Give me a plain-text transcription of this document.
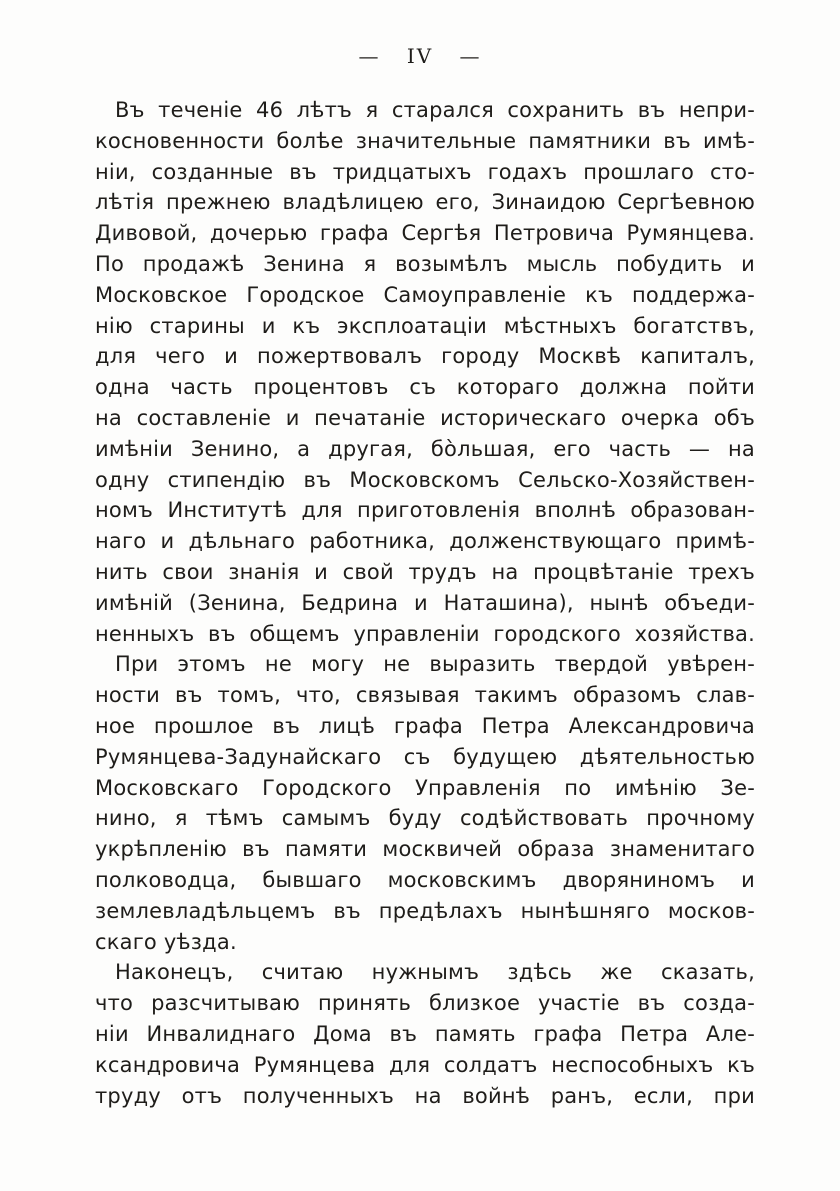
— IV —
Въ теченіе 46 лѣтъ я старался сохранить въ непри-
косновенности болѣе значительные памятники въ имѣ-
ніи, созданные въ тридцатыхъ годахъ прошлаго сто-
лѣтія прежнею владѣлицею его, Зинаидою Сергѣевною
Дивовой, дочерью графа Сергѣя Петровича Румянцева.
По продажѣ Зенина я возымѣлъ мысль побудить и
Московское Городское Самоуправленіе къ поддержа-
нію старины и къ эксплоатаціи мѣстныхъ богатствъ,
для чего и пожертвовалъ городу Москвѣ капиталъ,
одна часть процентовъ съ котораго должна пойти
на составленіе и печатаніе историческаго очерка объ
имѣніи Зенино, а другая, бо̀льшая, его часть — на
одну стипендію въ Московскомъ Сельско-Хозяйствен-
номъ Институтѣ для приготовленія вполнѣ образован-
наго и дѣльнаго работника, долженствующаго примѣ-
нить свои знанія и свой трудъ на процвѣтаніе трехъ
имѣній (Зенина, Бедрина и Наташина), нынѣ объеди-
ненныхъ въ общемъ управленіи городского хозяйства.
При этомъ не могу не выразить твердой увѣрен-
ности въ томъ, что, связывая такимъ образомъ слав-
ное прошлое въ лицѣ графа Петра Александровича
Румянцева-Задунайскаго съ будущею дѣятельностью
Московскаго Городского Управленія по имѣнію Зе-
нино, я тѣмъ самымъ буду содѣйствовать прочному
укрѣпленію въ памяти москвичей образа знаменитаго
полководца, бывшаго московскимъ дворяниномъ и
землевладѣльцемъ въ предѣлахъ нынѣшняго москов-
скаго уѣзда.
Наконецъ, считаю нужнымъ здѣсь же сказать,
что разсчитываю принять близкое участіе въ созда-
ніи Инвалиднаго Дома въ память графа Петра Але-
ксандровича Румянцева для солдатъ неспособныхъ къ
труду отъ полученныхъ на войнѣ ранъ, если, при
